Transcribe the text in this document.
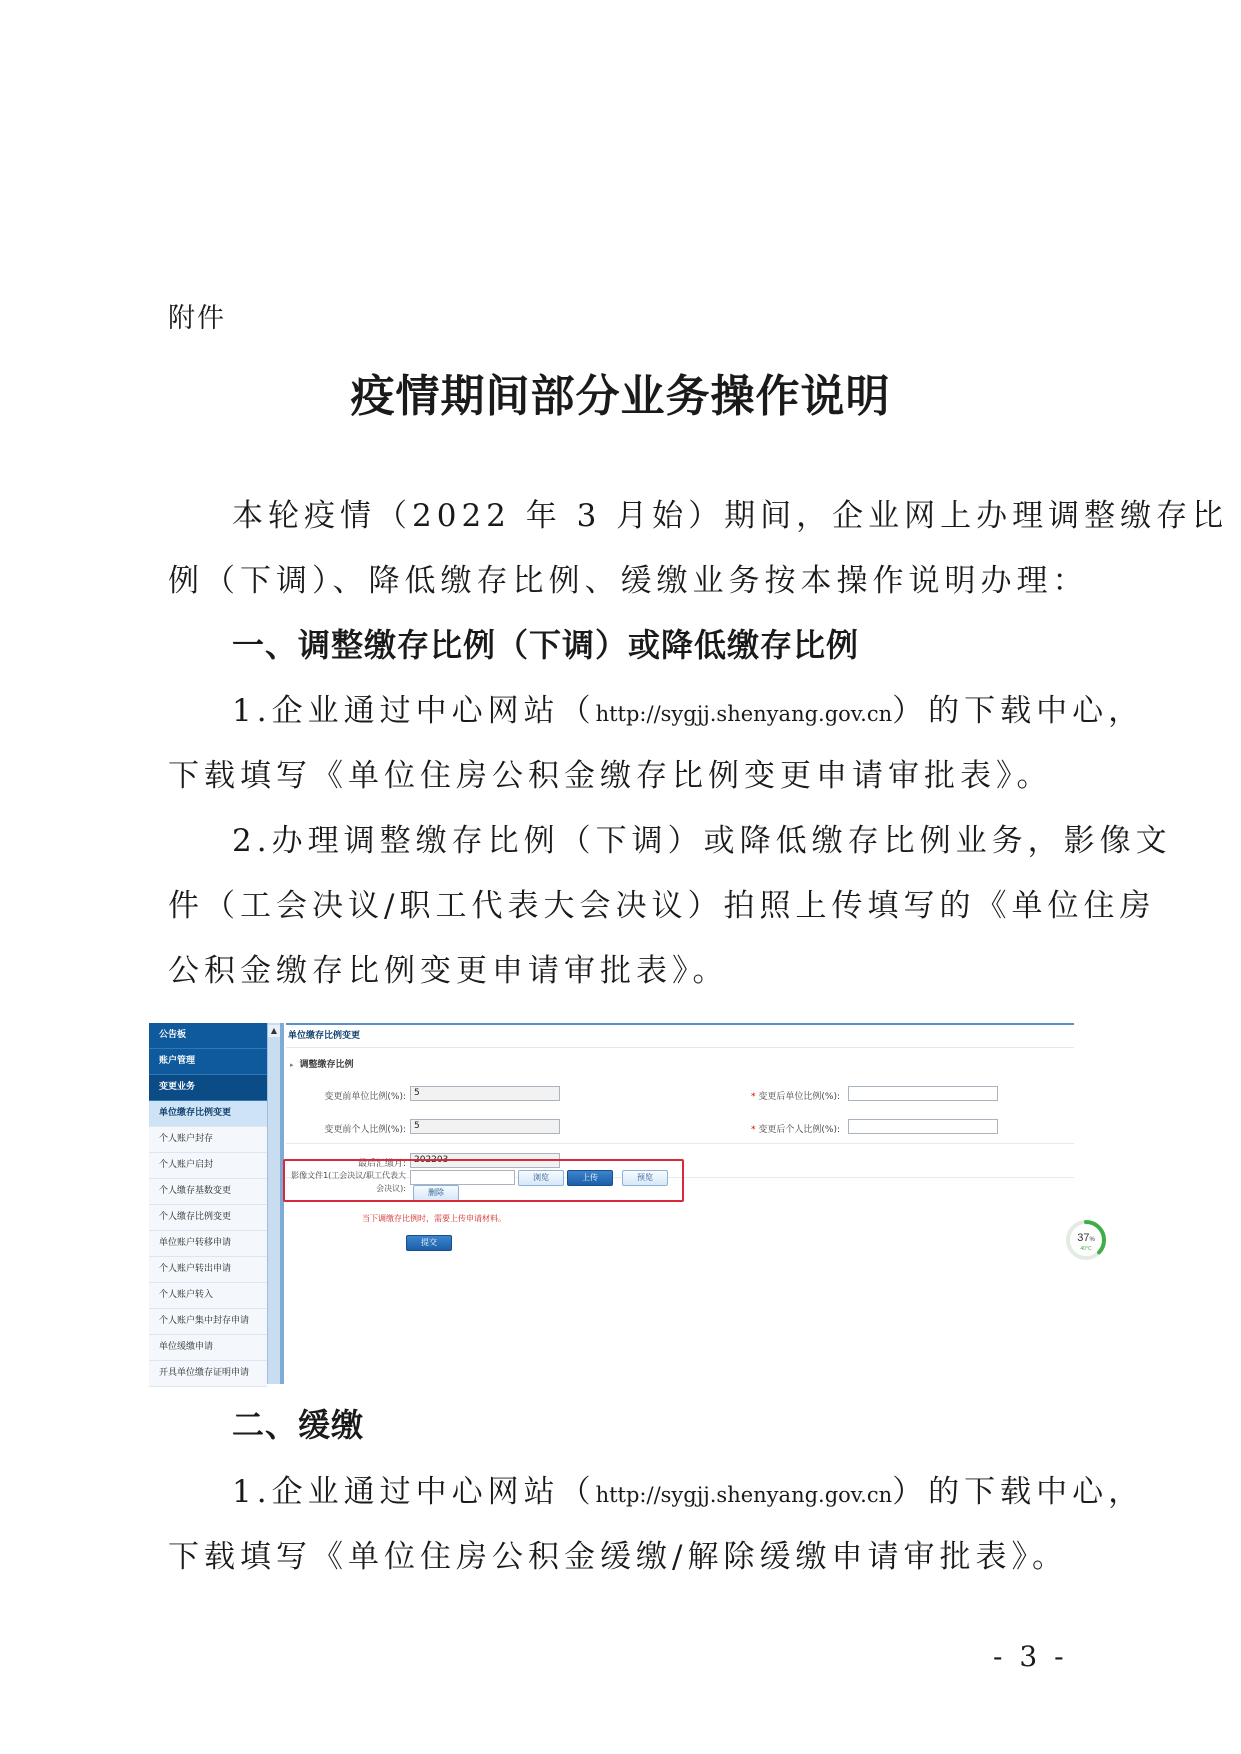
附件
疫情期间部分业务操作说明
本轮疫情（2022 年 3 月始）期间，企业网上办理调整缴存比
例（下调）、降低缴存比例、缓缴业务按本操作说明办理：
一、调整缴存比例（下调）或降低缴存比例
1.企业通过中心网站（http://sygjj.shenyang.gov.cn）的下载中心，
下载填写《单位住房公积金缴存比例变更申请审批表》。
2.办理调整缴存比例（下调）或降低缴存比例业务，影像文
件（工会决议/职工代表大会决议）拍照上传填写的《单位住房
公积金缴存比例变更申请审批表》。
公告板
账户管理
变更业务
单位缴存比例变更
个人账户封存
个人账户启封
个人缴存基数变更
个人缴存比例变更
单位账户转移申请
个人账户转出申请
个人账户转入
个人账户集中封存申请
单位缓缴申请
开具单位缴存证明申请
▲
单位缴存比例变更
▸ 调整缴存比例
变更前单位比例(%): 5
变更前个人比例(%): 5
最后汇缴月: 202203
* 变更后单位比例(%):
* 变更后个人比例(%):
影像文件1(工会决议/职工代表大
会决议):
浏览	上传	预览
删除
当下调缴存比例时，需要上传申请材料。
提交	37%
40°C
二、缓缴
1.企业通过中心网站（http://sygjj.shenyang.gov.cn）的下载中心，
下载填写《单位住房公积金缓缴/解除缓缴申请审批表》。
- 3 -
